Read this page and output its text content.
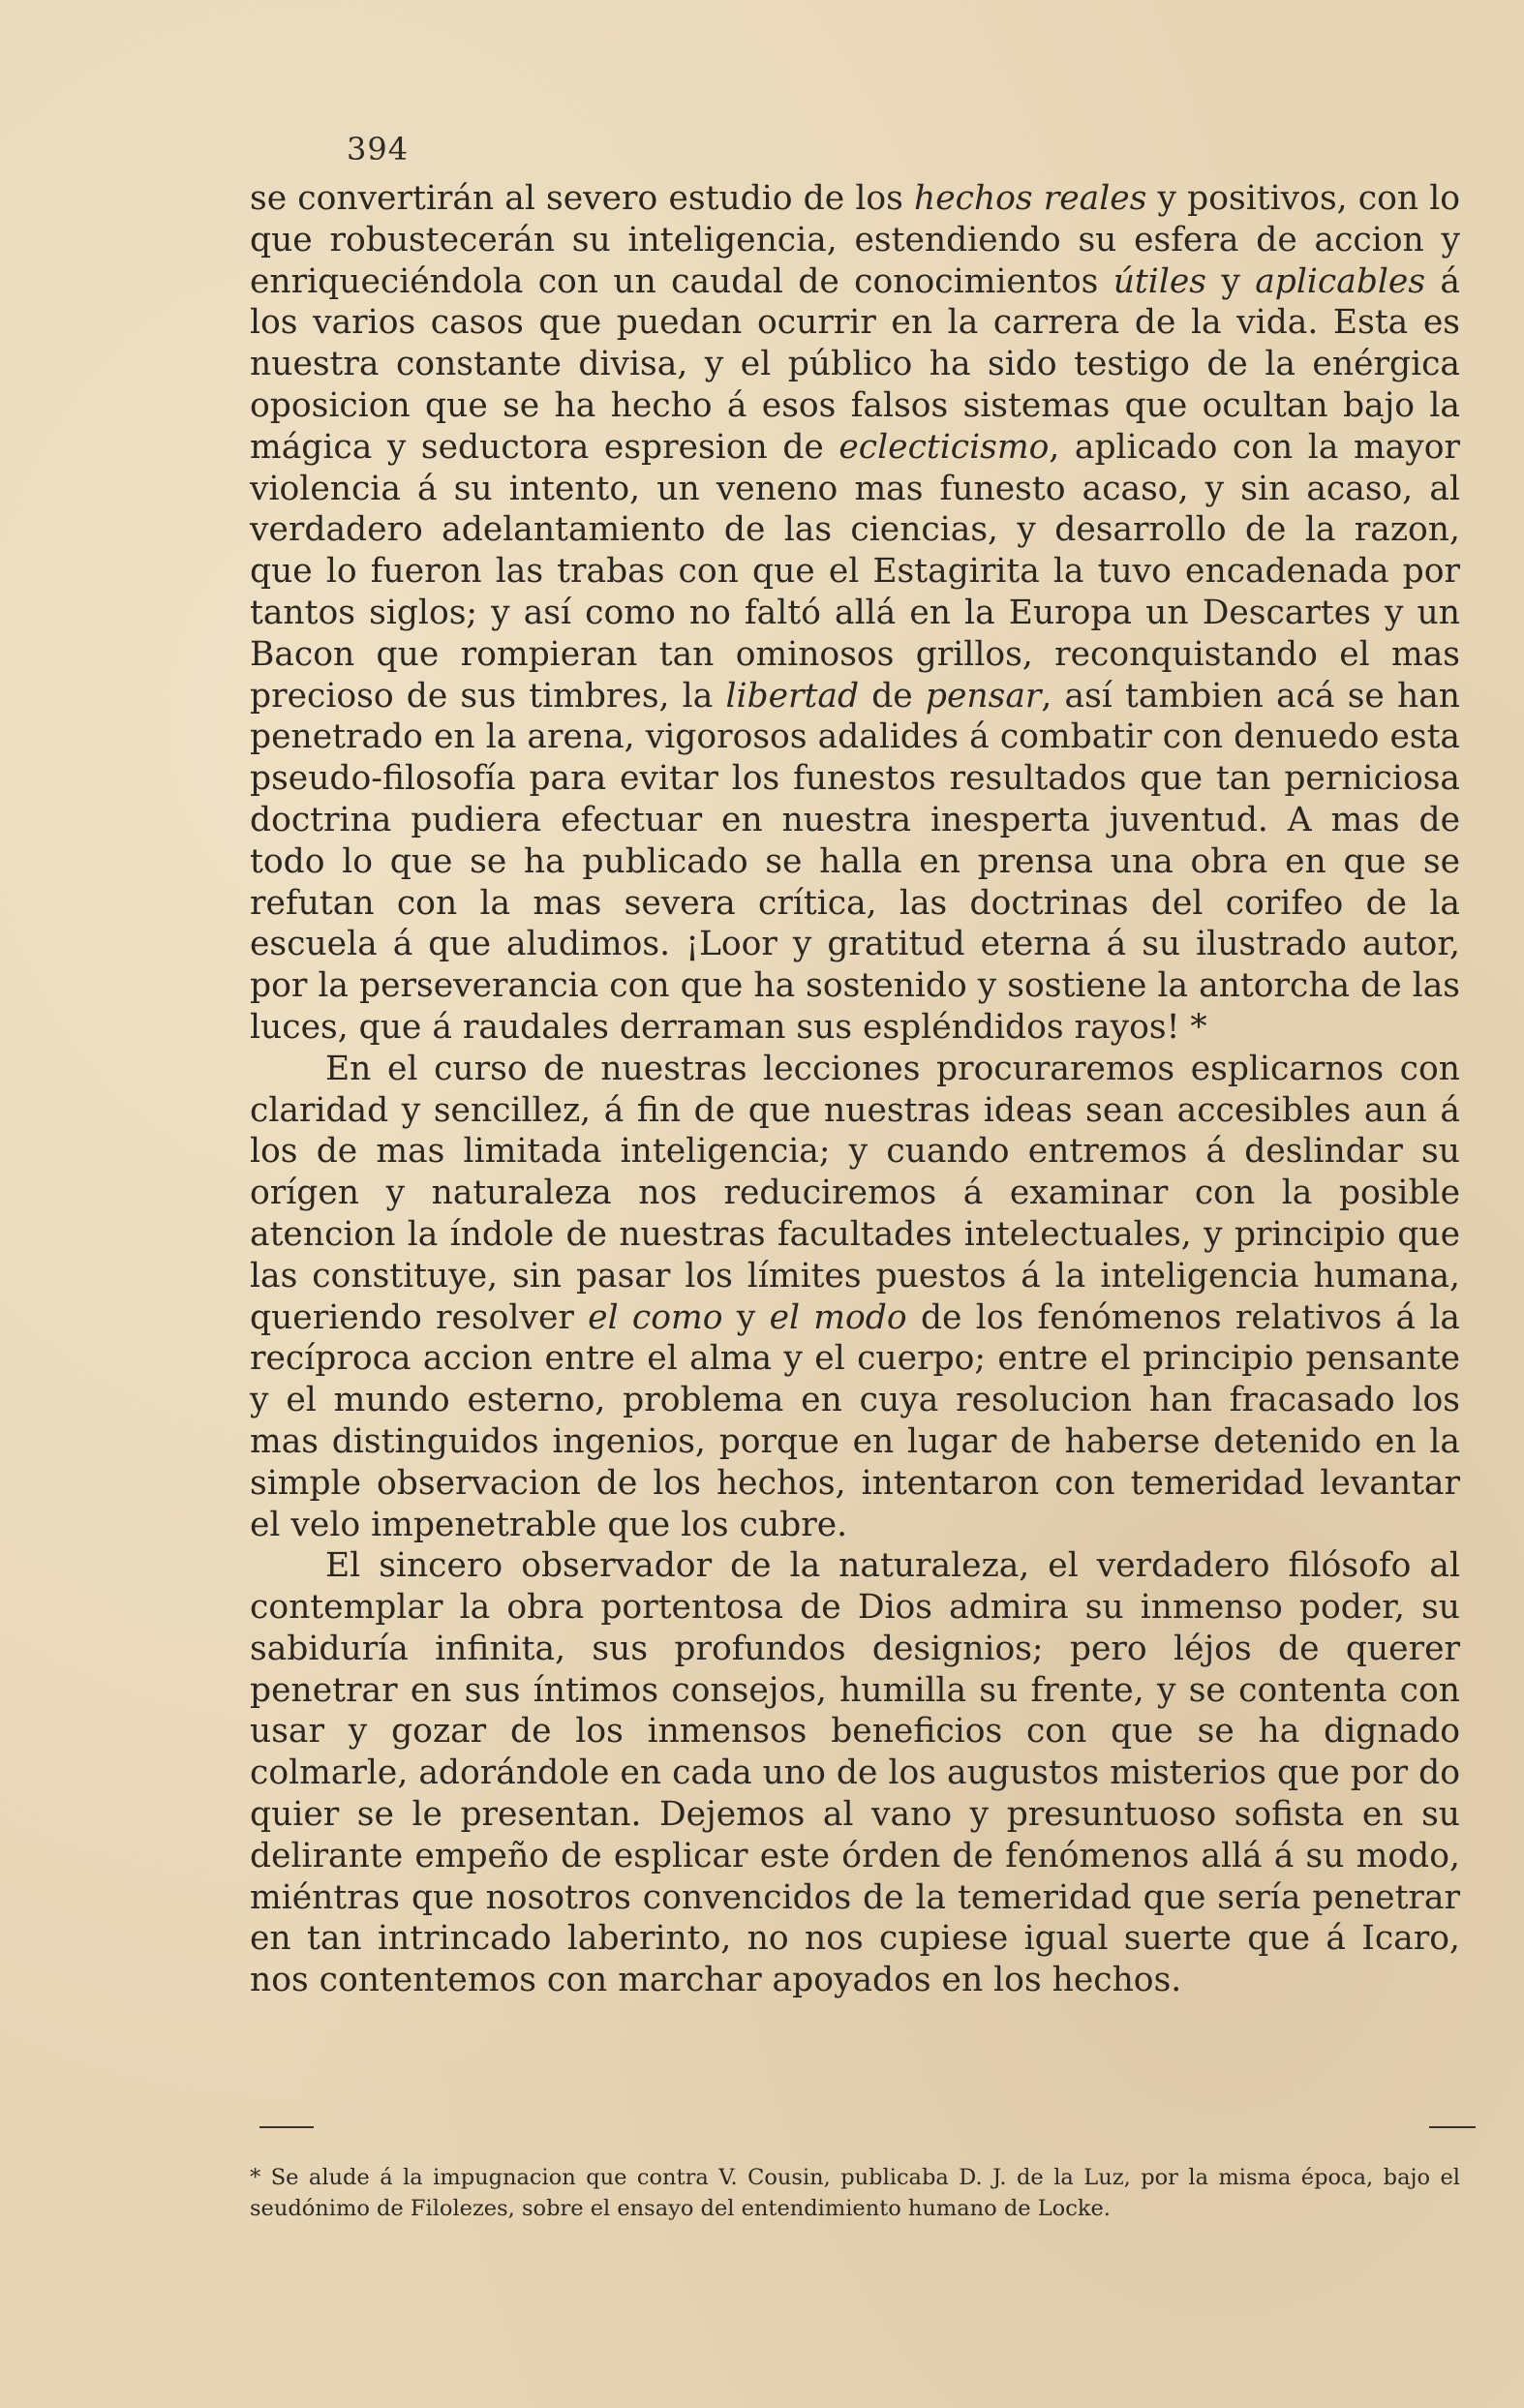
394

se convertirán al severo estudio de los hechos reales y positivos, con lo que robustecerán su inteligencia, estendiendo su esfera de accion y enriqueciéndola con un caudal de conocimientos útiles y aplicables á los varios casos que puedan ocurrir en la carrera de la vida. Esta es nuestra constante divisa, y el público ha sido testigo de la enérgica oposicion que se ha hecho á esos falsos sistemas que ocultan bajo la mágica y seductora espresion de eclecticismo, aplicado con la mayor violencia á su intento, un veneno mas funesto acaso, y sin acaso, al verdadero adelantamiento de las ciencias, y desarrollo de la razon, que lo fueron las trabas con que el Estagirita la tuvo encadenada por tantos siglos; y así como no faltó allá en la Europa un Descartes y un Bacon que rompieran tan ominosos grillos, reconquistando el mas precioso de sus timbres, la libertad de pensar, así tambien acá se han penetrado en la arena, vigorosos adalides á combatir con denuedo esta pseudo-filosofía para evitar los funestos resultados que tan perniciosa doctrina pudiera efectuar en nuestra inesperta juventud. A mas de todo lo que se ha publicado se halla en prensa una obra en que se refutan con la mas severa crítica, las doctrinas del corifeo de la escuela á que aludimos. ¡Loor y gratitud eterna á su ilustrado autor, por la perseverancia con que ha sostenido y sostiene la antorcha de las luces, que á raudales derraman sus espléndidos rayos! *

En el curso de nuestras lecciones procuraremos esplicarnos con claridad y sencillez, á fin de que nuestras ideas sean accesibles aun á los de mas limitada inteligencia; y cuando entremos á deslindar su orígen y naturaleza nos reduciremos á examinar con la posible atencion la índole de nuestras facultades intelectuales, y principio que las constituye, sin pasar los límites puestos á la inteligencia humana, queriendo resolver el como y el modo de los fenómenos relativos á la recíproca accion entre el alma y el cuerpo; entre el principio pensante y el mundo esterno, problema en cuya resolucion han fracasado los mas distinguidos ingenios, porque en lugar de haberse detenido en la simple observacion de los hechos, intentaron con temeridad levantar el velo impenetrable que los cubre.

El sincero observador de la naturaleza, el verdadero filósofo al contemplar la obra portentosa de Dios admira su inmenso poder, su sabiduría infinita, sus profundos designios; pero léjos de querer penetrar en sus íntimos consejos, humilla su frente, y se contenta con usar y gozar de los inmensos beneficios con que se ha dignado colmarle, adorándole en cada uno de los augustos misterios que por do quier se le presentan. Dejemos al vano y presuntuoso sofista en su delirante empeño de esplicar este órden de fenómenos allá á su modo, miéntras que nosotros convencidos de la temeridad que sería penetrar en tan intrincado laberinto, no nos cupiese igual suerte que á Icaro, nos contentemos con marchar apoyados en los hechos.

* Se alude á la impugnacion que contra V. Cousin, publicaba D. J. de la Luz, por la misma época, bajo el seudónimo de Filolezes, sobre el ensayo del entendimiento humano de Locke.
